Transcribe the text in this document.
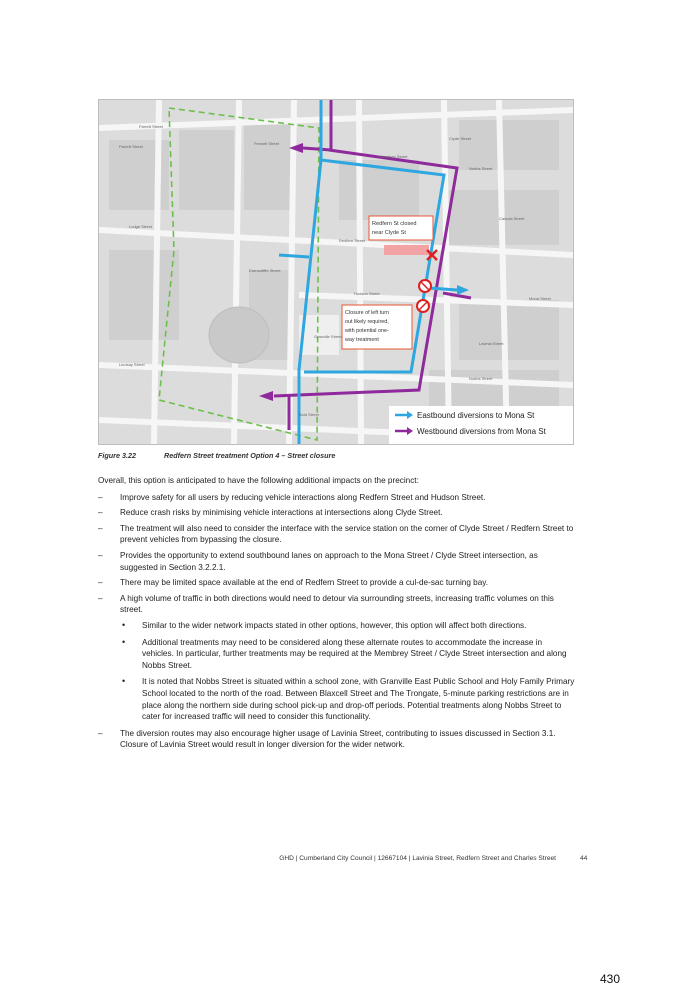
Redfern St closed
near Clyde St
Closure of left turn
out likely required,
with potential one-
way treatment
Parrett Street
Parrett Street
Fennell Street
Membrey Street
Nobbs Street
Caloola Street
Lodge Street
Redfern Street
Hudson Street
Mona Street
Lavinia Street
Nobbs Street
Lindsay Street
Bold Street
Earnsclifffe Street
Clyde Street
Granville Street
Eastbound diversions to Mona St
Westbound diversions from Mona St
Figure 3.22	Redfern Street treatment Option 4 – Street closure

Overall, this option is anticipated to have the following additional impacts on the precinct:

– Improve safety for all users by reducing vehicle interactions along Redfern Street and Hudson Street.
– Reduce crash risks by minimising vehicle interactions at intersections along Clyde Street.
– The treatment will also need to consider the interface with the service station on the corner of Clyde Street / Redfern Street to prevent vehicles from bypassing the closure.
– Provides the opportunity to extend southbound lanes on approach to the Mona Street / Clyde Street intersection, as suggested in Section 3.2.2.1.
– There may be limited space available at the end of Redfern Street to provide a cul-de-sac turning bay.
– A high volume of traffic in both directions would need to detour via surrounding streets, increasing traffic volumes on this street.
• Similar to the wider network impacts stated in other options, however, this option will affect both directions.
• Additional treatments may need to be considered along these alternate routes to accommodate the increase in vehicles. In particular, further treatments may be required at the Membrey Street / Clyde Street intersection and along Nobbs Street.
• It is noted that Nobbs Street is situated within a school zone, with Granville East Public School and Holy Family Primary School located to the north of the road. Between Blaxcell Street and The Trongate, 5-minute parking restrictions are in place along the northern side during school pick-up and drop-off periods. Potential treatments along Nobbs Street to cater for increased traffic will need to consider this functionality.
– The diversion routes may also encourage higher usage of Lavinia Street, contributing to issues discussed in Section 3.1. Closure of Lavinia Street would result in longer diversion for the wider network.
GHD | Cumberland City Council | 12667104 | Lavinia Street, Redfern Street and Charles Street	44
430
